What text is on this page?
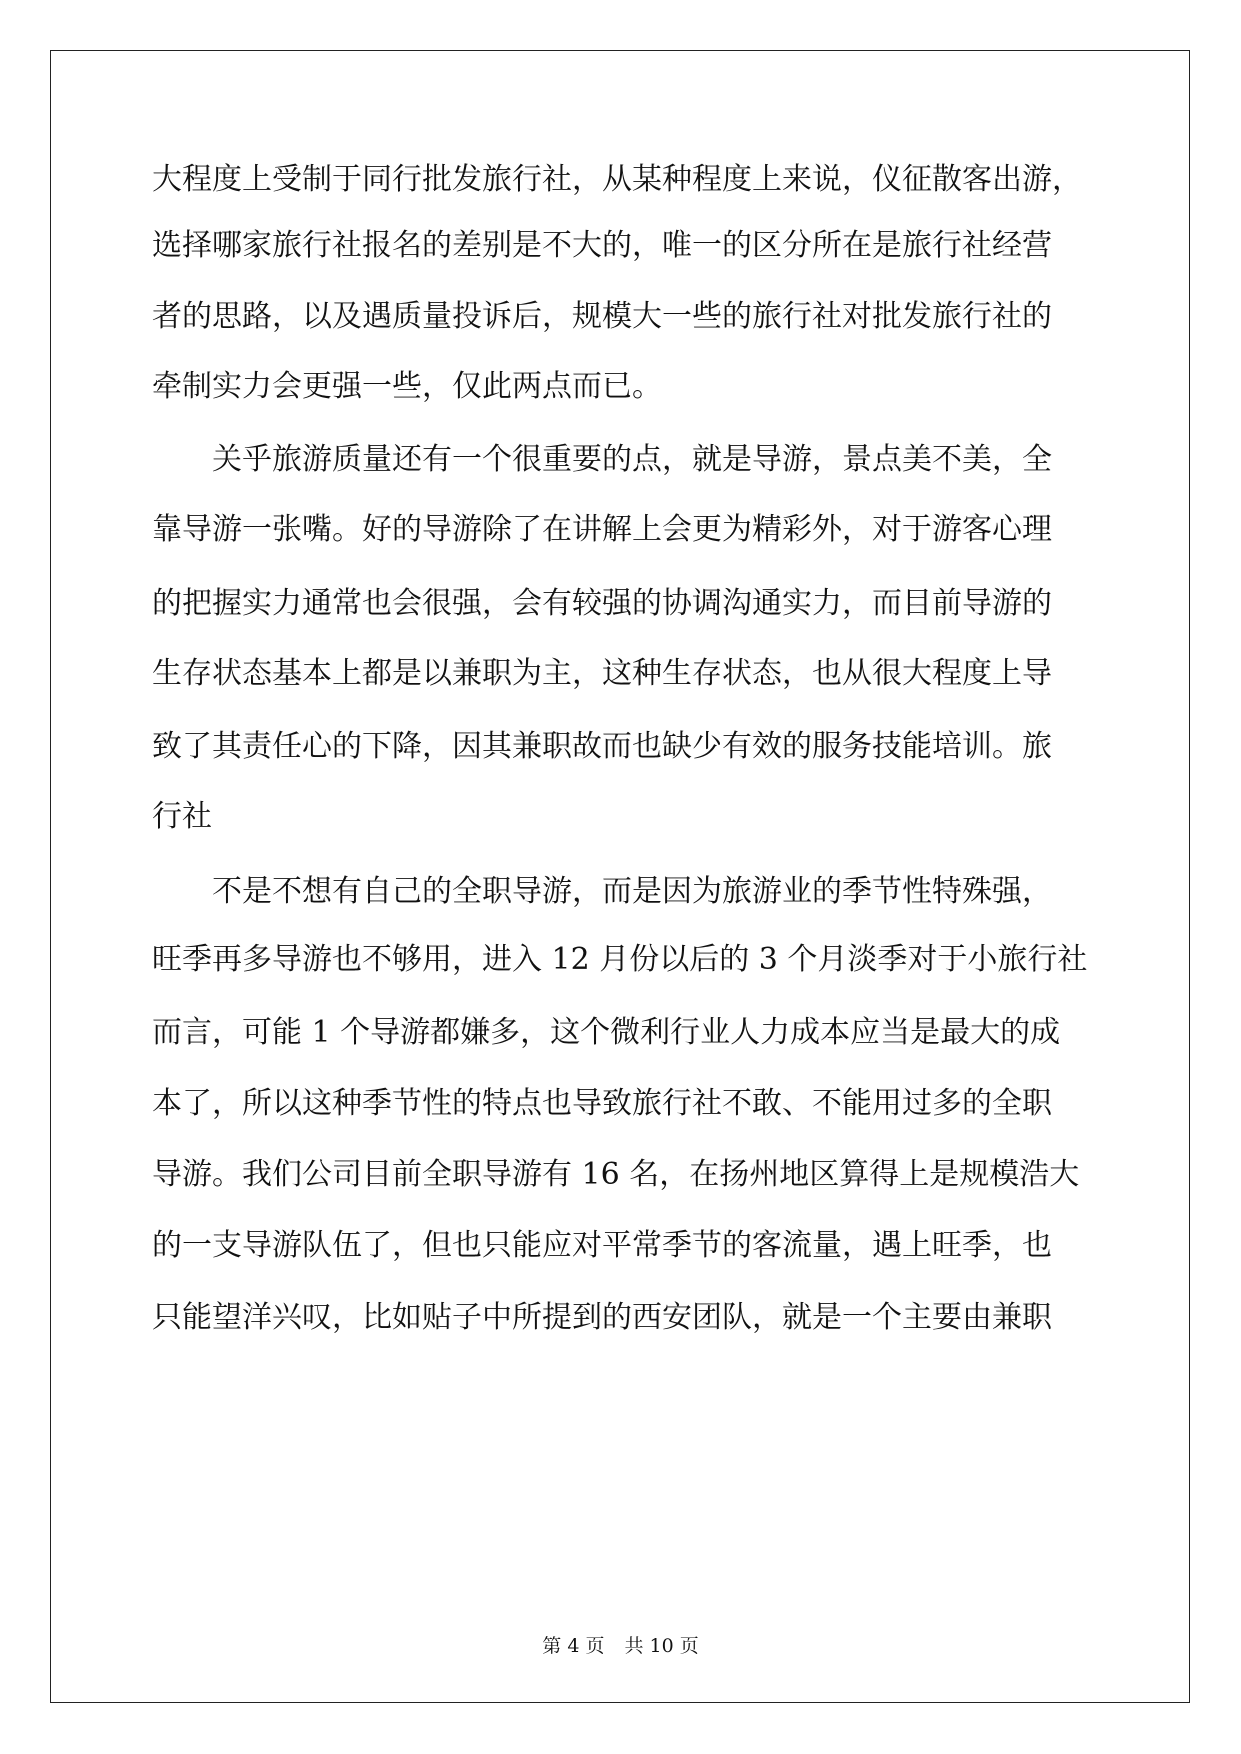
大程度上受制于同行批发旅行社，从某种程度上来说，仪征散客出游，
选择哪家旅行社报名的差别是不大的，唯一的区分所在是旅行社经营
者的思路，以及遇质量投诉后，规模大一些的旅行社对批发旅行社的
牵制实力会更强一些，仅此两点而已。
　　关乎旅游质量还有一个很重要的点，就是导游，景点美不美，全
靠导游一张嘴。好的导游除了在讲解上会更为精彩外，对于游客心理
的把握实力通常也会很强，会有较强的协调沟通实力，而目前导游的
生存状态基本上都是以兼职为主，这种生存状态，也从很大程度上导
致了其责任心的下降，因其兼职故而也缺少有效的服务技能培训。旅
行社
　　不是不想有自己的全职导游，而是因为旅游业的季节性特殊强，
旺季再多导游也不够用，进入 12 月份以后的 3 个月淡季对于小旅行社
而言，可能 1 个导游都嫌多，这个微利行业人力成本应当是最大的成
本了，所以这种季节性的特点也导致旅行社不敢、不能用过多的全职
导游。我们公司目前全职导游有 16 名，在扬州地区算得上是规模浩大
的一支导游队伍了，但也只能应对平常季节的客流量，遇上旺季，也
只能望洋兴叹，比如贴子中所提到的西安团队，就是一个主要由兼职
第 4 页 共 10 页
